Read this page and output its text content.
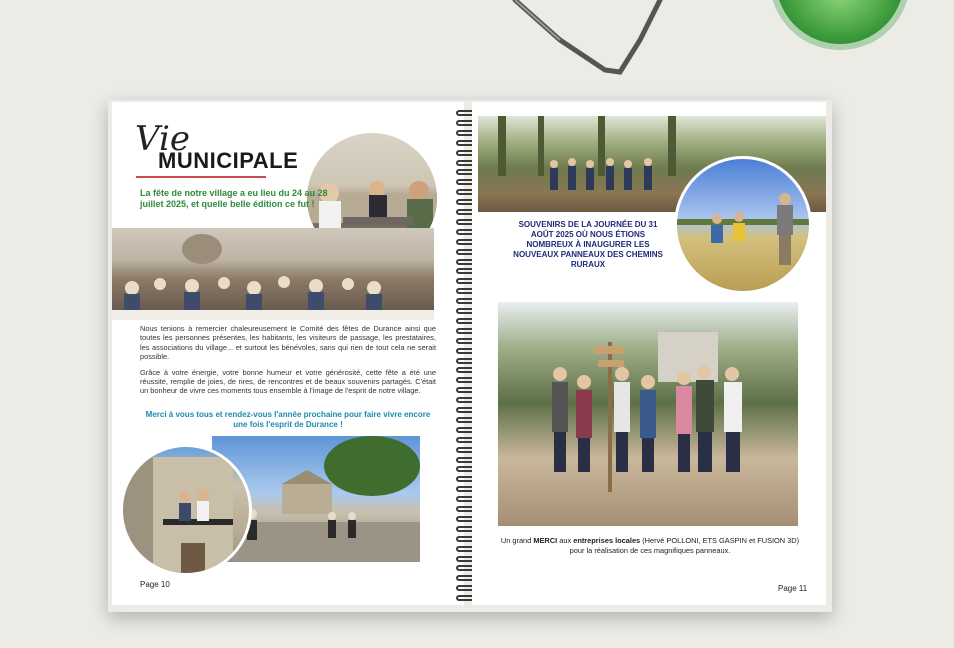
Vie
MUNICIPALE
La fête de notre village a eu lieu du 24 au 28 juillet 2025, et quelle belle édition ce fut !

Nous tenions à remercier chaleureusement le Comité des fêtes de Durance ainsi que toutes les personnes présentes, les habitants, les visiteurs de passage, les prestataires, les associations du village... et surtout les bénévoles, sans qui rien de tout cela ne serait possible.

Grâce à votre énergie, votre bonne humeur et votre générosité, cette fête a été une réussite, remplie de joies, de rires, de rencontres et de beaux souvenirs partagés. C'était un bonheur de vivre ces moments tous ensemble à l'image de l'esprit de notre village.

Merci à vous tous et rendez-vous l'année prochaine pour faire vivre encore une fois l'esprit de Durance !
Page 10
SOUVENIRS DE LA JOURNÉE DU 31 AOÛT 2025 OÙ NOUS ÉTIONS NOMBREUX À INAUGURER LES NOUVEAUX PANNEAUX DES CHEMINS RURAUX
Un grand MERCI aux entreprises locales (Hervé POLLONI, ETS GASPIN et FUSION 3D) pour la réalisation de ces magnifiques panneaux.
Page 11
